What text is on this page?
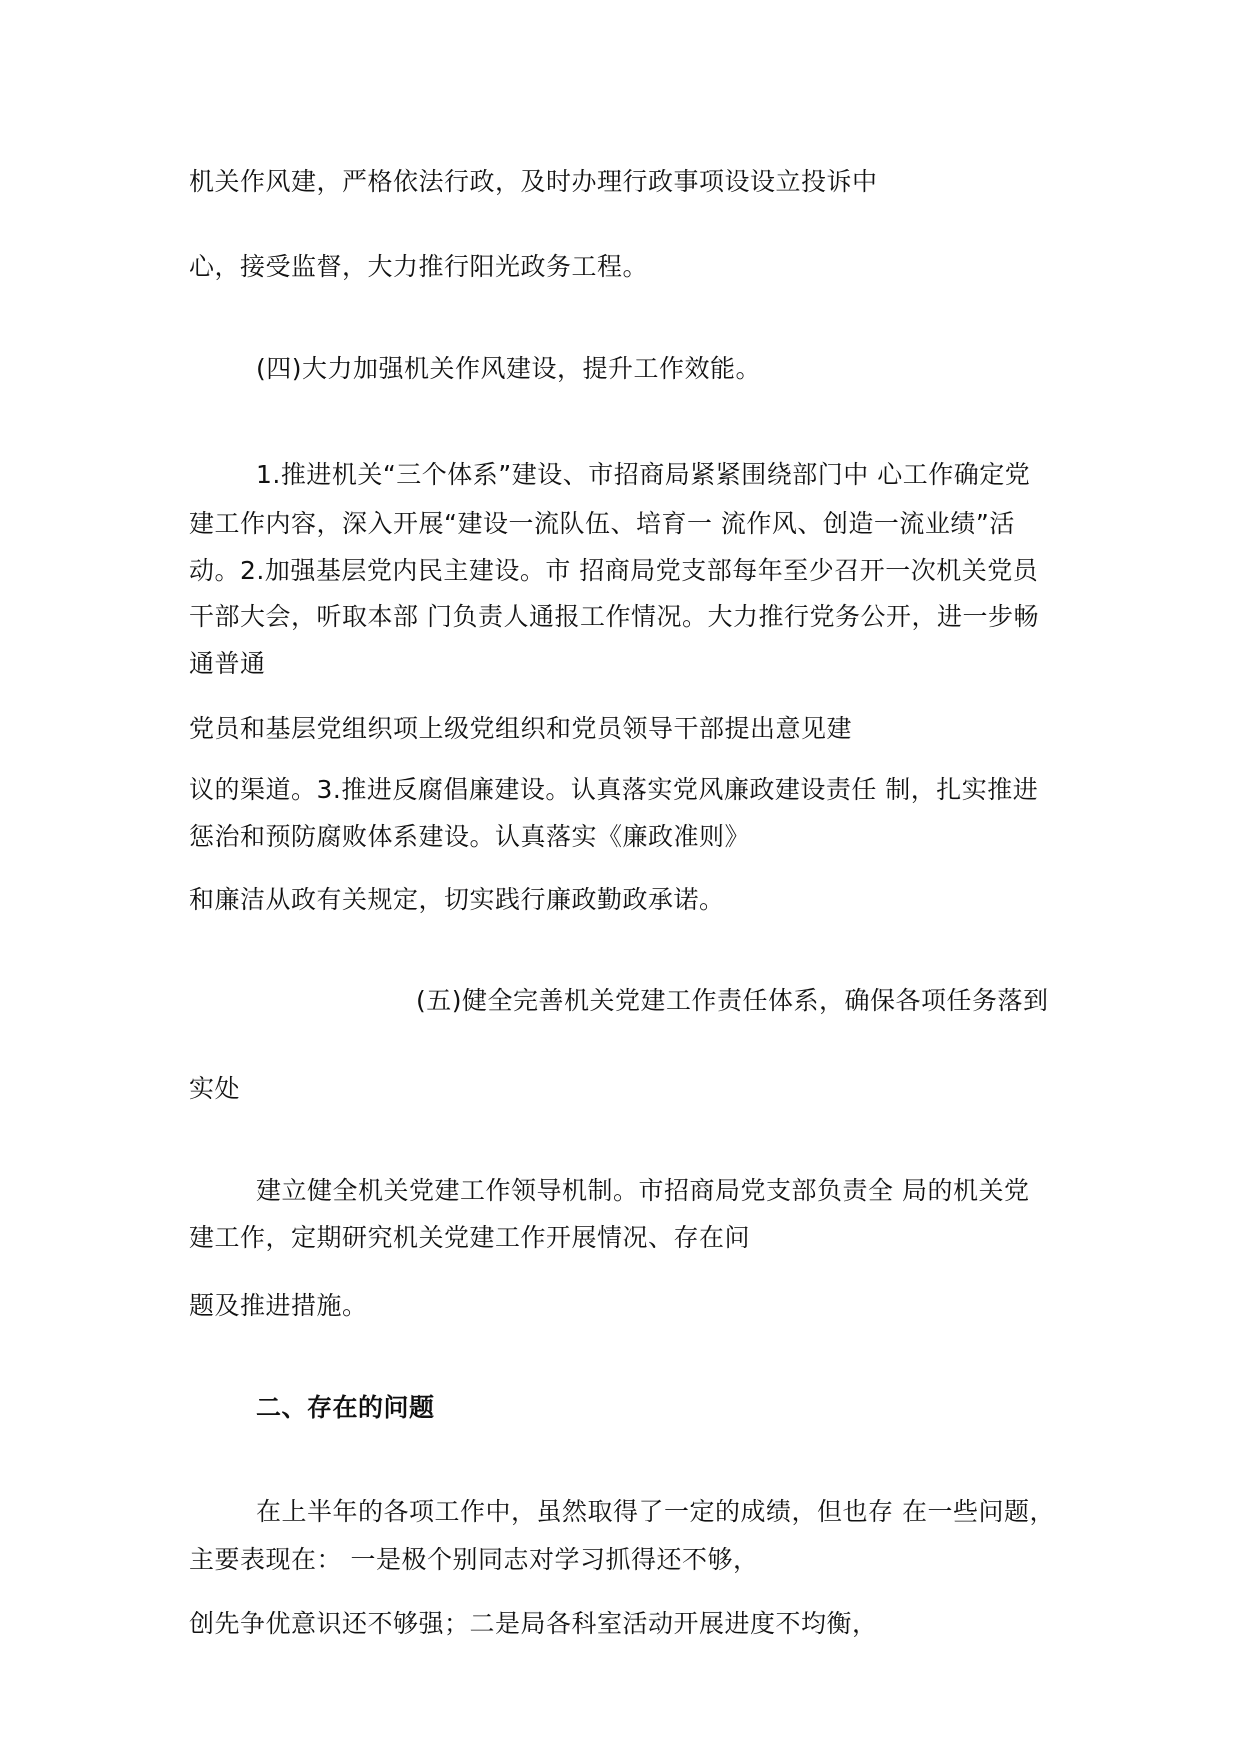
机关作风建，严格依法行政，及时办理行政事项设设立投诉中
心，接受监督，大力推行阳光政务工程。
(四)大力加强机关作风建设，提升工作效能。
1.推进机关“三个体系”建设、市招商局紧紧围绕部门中 心工作确定党
建工作内容，深入开展“建设一流队伍、培育一 流作风、创造一流业绩”活
动。2.加强基层党内民主建设。市 招商局党支部每年至少召开一次机关党员
干部大会，听取本部 门负责人通报工作情况。大力推行党务公开，进一步畅
通普通
党员和基层党组织项上级党组织和党员领导干部提出意见建
议的渠道。3.推进反腐倡廉建设。认真落实党风廉政建设责任 制，扎实推进
惩治和预防腐败体系建设。认真落实《廉政准则》
和廉洁从政有关规定，切实践行廉政勤政承诺。
(五)健全完善机关党建工作责任体系，确保各项任务落到
实处
建立健全机关党建工作领导机制。市招商局党支部负责全 局的机关党
建工作，定期研究机关党建工作开展情况、存在问
题及推进措施。
二、存在的问题
在上半年的各项工作中，虽然取得了一定的成绩，但也存 在一些问题，
主要表现在： 一是极个别同志对学习抓得还不够，
创先争优意识还不够强；二是局各科室活动开展进度不均衡，
